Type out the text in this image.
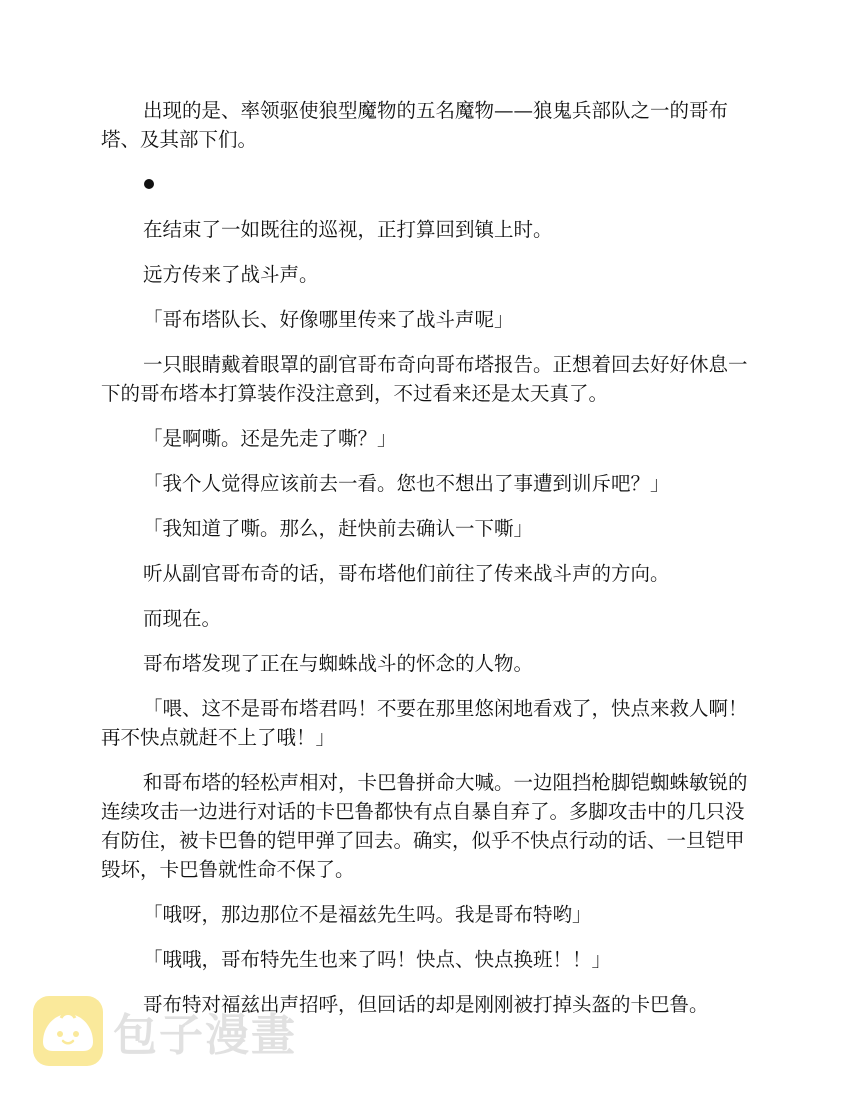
出现的是、率领驱使狼型魔物的五名魔物——狼鬼兵部队之一的哥布塔、及其部下们。

在结束了一如既往的巡视，正打算回到镇上时。

远方传来了战斗声。

「哥布塔队长、好像哪里传来了战斗声呢」

一只眼睛戴着眼罩的副官哥布奇向哥布塔报告。正想着回去好好休息一下的哥布塔本打算装作没注意到，不过看来还是太天真了。

「是啊嘶。还是先走了嘶？」

「我个人觉得应该前去一看。您也不想出了事遭到训斥吧？」

「我知道了嘶。那么，赶快前去确认一下嘶」

听从副官哥布奇的话，哥布塔他们前往了传来战斗声的方向。

而现在。

哥布塔发现了正在与蜘蛛战斗的怀念的人物。

「喂、这不是哥布塔君吗！不要在那里悠闲地看戏了，快点来救人啊！再不快点就赶不上了哦！」

和哥布塔的轻松声相对，卡巴鲁拼命大喊。一边阻挡枪脚铠蜘蛛敏锐的连续攻击一边进行对话的卡巴鲁都快有点自暴自弃了。多脚攻击中的几只没有防住，被卡巴鲁的铠甲弹了回去。确实，似乎不快点行动的话、一旦铠甲毁坏，卡巴鲁就性命不保了。

「哦呀，那边那位不是福兹先生吗。我是哥布特哟」

「哦哦，哥布特先生也来了吗！快点、快点换班！！」

哥布特对福兹出声招呼，但回话的却是刚刚被打掉头盔的卡巴鲁。

包子漫畫
